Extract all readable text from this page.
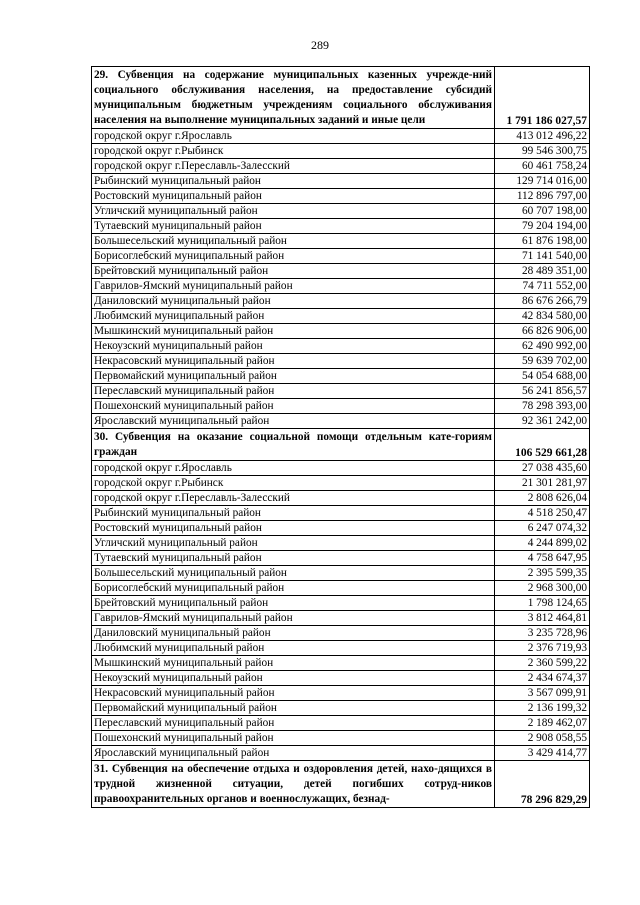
289
29. Субвенция на содержание муниципальных казенных учрежде-ний социального обслуживания населения, на предоставление субсидий муниципальным бюджетным учреждениям социального обслуживания населения на выполнение муниципальных заданий и иные цели	1 791 186 027,57
городской округ г.Ярославль	413 012 496,22
городской округ г.Рыбинск	99 546 300,75
городской округ г.Переславль-Залесский	60 461 758,24
Рыбинский муниципальный район	129 714 016,00
Ростовский муниципальный район	112 896 797,00
Угличский муниципальный район	60 707 198,00
Тутаевский муниципальный район	79 204 194,00
Большесельский муниципальный район	61 876 198,00
Борисоглебский муниципальный район	71 141 540,00
Брейтовский муниципальный район	28 489 351,00
Гаврилов-Ямский муниципальный район	74 711 552,00
Даниловский муниципальный район	86 676 266,79
Любимский муниципальный район	42 834 580,00
Мышкинский муниципальный район	66 826 906,00
Некоузский муниципальный район	62 490 992,00
Некрасовский муниципальный район	59 639 702,00
Первомайский муниципальный район	54 054 688,00
Переславский муниципальный район	56 241 856,57
Пошехонский муниципальный район	78 298 393,00
Ярославский муниципальный район	92 361 242,00
30. Субвенция на оказание социальной помощи отдельным кате-гориям граждан	106 529 661,28
городской округ г.Ярославль	27 038 435,60
городской округ г.Рыбинск	21 301 281,97
городской округ г.Переславль-Залесский	2 808 626,04
Рыбинский муниципальный район	4 518 250,47
Ростовский муниципальный район	6 247 074,32
Угличский муниципальный район	4 244 899,02
Тутаевский муниципальный район	4 758 647,95
Большесельский муниципальный район	2 395 599,35
Борисоглебский муниципальный район	2 968 300,00
Брейтовский муниципальный район	1 798 124,65
Гаврилов-Ямский муниципальный район	3 812 464,81
Даниловский муниципальный район	3 235 728,96
Любимский муниципальный район	2 376 719,93
Мышкинский муниципальный район	2 360 599,22
Некоузский муниципальный район	2 434 674,37
Некрасовский муниципальный район	3 567 099,91
Первомайский муниципальный район	2 136 199,32
Переславский муниципальный район	2 189 462,07
Пошехонский муниципальный район	2 908 058,55
Ярославский муниципальный район	3 429 414,77
31. Субвенция на обеспечение отдыха и оздоровления детей, нахо-дящихся в трудной жизненной ситуации, детей погибших сотруд-ников правоохранительных органов и военнослужащих, безнад-	78 296 829,29
